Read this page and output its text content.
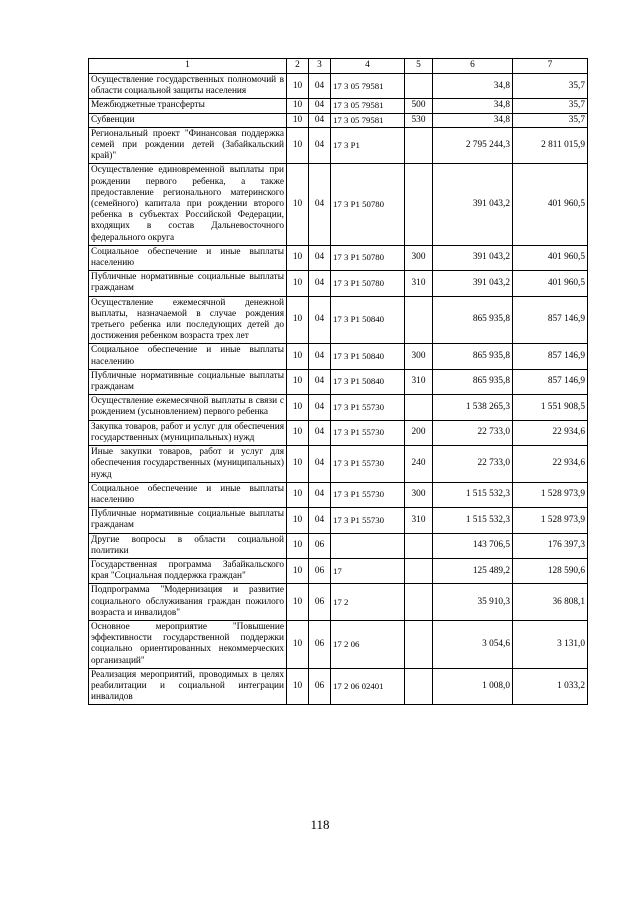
1	2	3	4	5	6	7
Осуществление государственных полномочий в области социальной защиты населения	10	04	17 3 05 79581		34,8	35,7
Межбюджетные трансферты	10	04	17 3 05 79581	500	34,8	35,7
Субвенции	10	04	17 3 05 79581	530	34,8	35,7
Региональный проект "Финансовая поддержка семей при рождении детей (Забайкальский край)"	10	04	17 3 Р1		2 795 244,3	2 811 015,9
Осуществление единовременной выплаты при рождении первого ребенка, а также предоставление регионального материнского (семейного) капитала при рождении второго ребенка в субъектах Российской Федерации, входящих в состав Дальневосточного федерального округа	10	04	17 3 Р1 50780		391 043,2	401 960,5
Социальное обеспечение и иные выплаты населению	10	04	17 3 Р1 50780	300	391 043,2	401 960,5
Публичные нормативные социальные выплаты гражданам	10	04	17 3 Р1 50780	310	391 043,2	401 960,5
Осуществление ежемесячной денежной выплаты, назначаемой в случае рождения третьего ребенка или последующих детей до достижения ребенком возраста трех лет	10	04	17 3 Р1 50840		865 935,8	857 146,9
Социальное обеспечение и иные выплаты населению	10	04	17 3 Р1 50840	300	865 935,8	857 146,9
Публичные нормативные социальные выплаты гражданам	10	04	17 3 Р1 50840	310	865 935,8	857 146,9
Осуществление ежемесячной выплаты в связи с рождением (усыновлением) первого ребенка	10	04	17 3 Р1 55730		1 538 265,3	1 551 908,5
Закупка товаров, работ и услуг для обеспечения государственных (муниципальных) нужд	10	04	17 3 Р1 55730	200	22 733,0	22 934,6
Иные закупки товаров, работ и услуг для обеспечения государственных (муниципальных) нужд	10	04	17 3 Р1 55730	240	22 733,0	22 934,6
Социальное обеспечение и иные выплаты населению	10	04	17 3 Р1 55730	300	1 515 532,3	1 528 973,9
Публичные нормативные социальные выплаты гражданам	10	04	17 3 Р1 55730	310	1 515 532,3	1 528 973,9
Другие вопросы в области социальной политики	10	06			143 706,5	176 397,3
Государственная программа Забайкальского края "Социальная поддержка граждан"	10	06	17		125 489,2	128 590,6
Подпрограмма "Модернизация и развитие социального обслуживания граждан пожилого возраста и инвалидов"	10	06	17 2		35 910,3	36 808,1
Основное мероприятие "Повышение эффективности государственной поддержки социально ориентированных некоммерческих организаций"	10	06	17 2 06		3 054,6	3 131,0
Реализация мероприятий, проводимых в целях реабилитации и социальной интеграции инвалидов	10	06	17 2 06 02401		1 008,0	1 033,2
118
